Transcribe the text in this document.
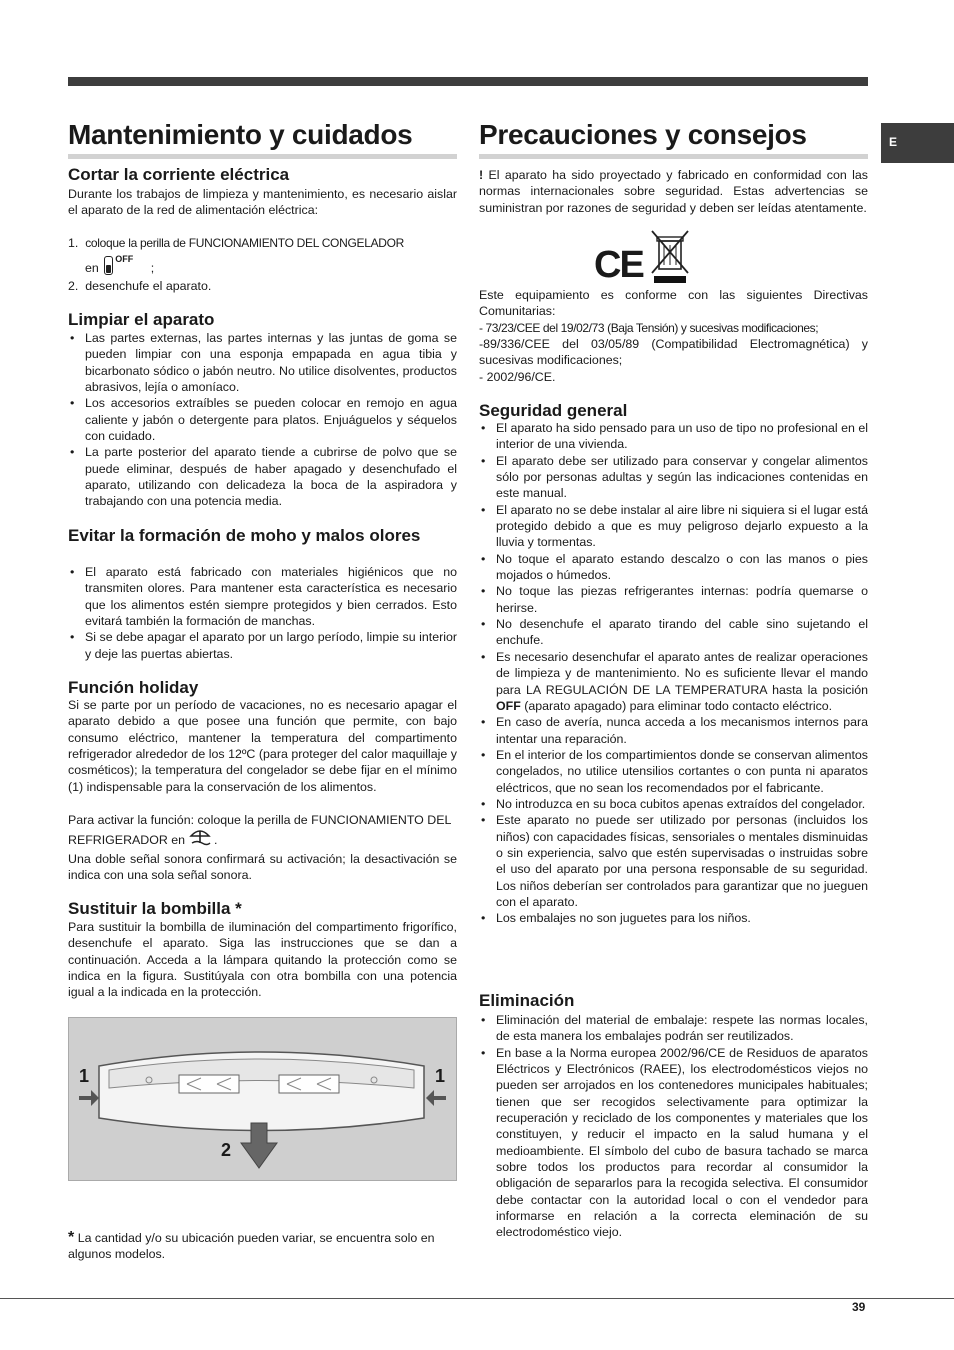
E
Mantenimiento y cuidados
Cortar la corriente eléctrica

Durante los trabajos de limpieza y mantenimiento, es necesario aislar el aparato de la red de alimentación eléctrica:

1. coloque la perilla de FUNCIONAMIENTO DEL CONGELADOR
en $^{OFF}$ ;
2. desenchufe el aparato.
Limpiar el aparato
• Las partes externas, las partes internas y las juntas de goma se pueden limpiar con una esponja empapada en agua tibia y bicarbonato sódico o jabón neutro. No utilice disolventes, productos abrasivos, lejía o amoníaco.
• Los accesorios extraíbles se pueden colocar en remojo en agua caliente y jabón o detergente para platos. Enjuáguelos y séquelos con cuidado.
• La parte posterior del aparato tiende a cubrirse de polvo que se puede eliminar, después de haber apagado y desenchufado el aparato, utilizando con delicadeza la boca de la aspiradora y trabajando con una potencia media.
Evitar la formación de moho y malos olores
• El aparato está fabricado con materiales higiénicos que no transmiten olores. Para mantener esta característica es necesario que los alimentos estén siempre protegidos y bien cerrados. Esto evitará también la formación de manchas.
• Si se debe apagar el aparato por un largo período, limpie su interior y deje las puertas abiertas.
Función holiday

Si se parte por un período de vacaciones, no es necesario apagar el aparato debido a que posee una función que permite, con bajo consumo eléctrico, mantener la temperatura del compartimento refrigerador alrededor de los 12ºC (para proteger del calor maquillaje y cosméticos); la temperatura del congelador se debe fijar en el mínimo (1) indispensable para la conservación de los alimentos.

Para activar la función: coloque la perilla de FUNCIONAMIENTO DEL REFRIGERADOR en .

Una doble señal sonora confirmará su activación; la desactivación se indica con una sola señal sonora.

Sustituir la bombilla *

Para sustituir la bombilla de iluminación del compartimento frigorífico, desenchufe el aparato. Siga las instrucciones que se dan a continuación. Acceda a la lámpara quitando la protección como se indica en la figura. Sustitúyala con otra bombilla con una potencia igual a la indicada en la protección.

1	1
2

* La cantidad y/o su ubicación pueden variar, se encuentra solo en algunos modelos.

Precauciones y consejos

! El aparato ha sido proyectado y fabricado en conformidad con las normas internacionales sobre seguridad. Estas advertencias se suministran por razones de seguridad y deben ser leídas atentamente.

CE

Este equipamiento es conforme con las siguientes Directivas Comunitarias:

- 73/23/CEE del 19/02/73 (Baja Tensión) y sucesivas modificaciones;

-89/336/CEE del 03/05/89 (Compatibilidad Electromagnética) y sucesivas modificaciones;

- 2002/96/CE.

Seguridad general
• El aparato ha sido pensado para un uso de tipo no profesional en el interior de una vivienda.
• El aparato debe ser utilizado para conservar y congelar alimentos sólo por personas adultas y según las indicaciones contenidas en este manual.
• El aparato no se debe instalar al aire libre ni siquiera si el lugar está protegido debido a que es muy peligroso dejarlo expuesto a la lluvia y tormentas.
• No toque el aparato estando descalzo o con las manos o pies mojados o húmedos.
• No toque las piezas refrigerantes internas: podría quemarse o herirse.
• No desenchufe el aparato tirando del cable sino sujetando el enchufe.
• Es necesario desenchufar el aparato antes de realizar operaciones de limpieza y de mantenimiento. No es suficiente llevar el mando para LA REGULACIÓN DE LA TEMPERATURA hasta la posición OFF (aparato apagado) para eliminar todo contacto eléctrico.
• En caso de avería, nunca acceda a los mecanismos internos para intentar una reparación.
• En el interior de los compartimientos donde se conservan alimentos congelados, no utilice utensilios cortantes o con punta ni aparatos eléctricos, que no sean los recomendados por el fabricante.
• No introduzca en su boca cubitos apenas extraídos del congelador.
• Este aparato no puede ser utilizado por personas (incluidos los niños) con capacidades físicas, sensoriales o mentales disminuidas o sin experiencia, salvo que estén supervisadas o instruidas sobre el uso del aparato por una persona responsable de su seguridad. Los niños deberían ser controlados para garantizar que no jueguen con el aparato.
• Los embalajes no son juguetes para los niños.
Eliminación
• Eliminación del material de embalaje: respete las normas locales, de esta manera los embalajes podrán ser reutilizados.
• En base a la Norma europea 2002/96/CE de Residuos de aparatos Eléctricos y Electrónicos (RAEE), los electrodomésticos viejos no pueden ser arrojados en los contenedores municipales habituales; tienen que ser recogidos selectivamente para optimizar la recuperación y reciclado de los componentes y materiales que los constituyen, y reducir el impacto en la salud humana y el medioambiente. El símbolo del cubo de basura tachado se marca sobre todos los productos para recordar al consumidor la obligación de separarlos para la recogida selectiva. El consumidor debe contactar con la autoridad local o con el vendedor para informarse en relación a la correcta eleminación de su electrodoméstico viejo.
39
